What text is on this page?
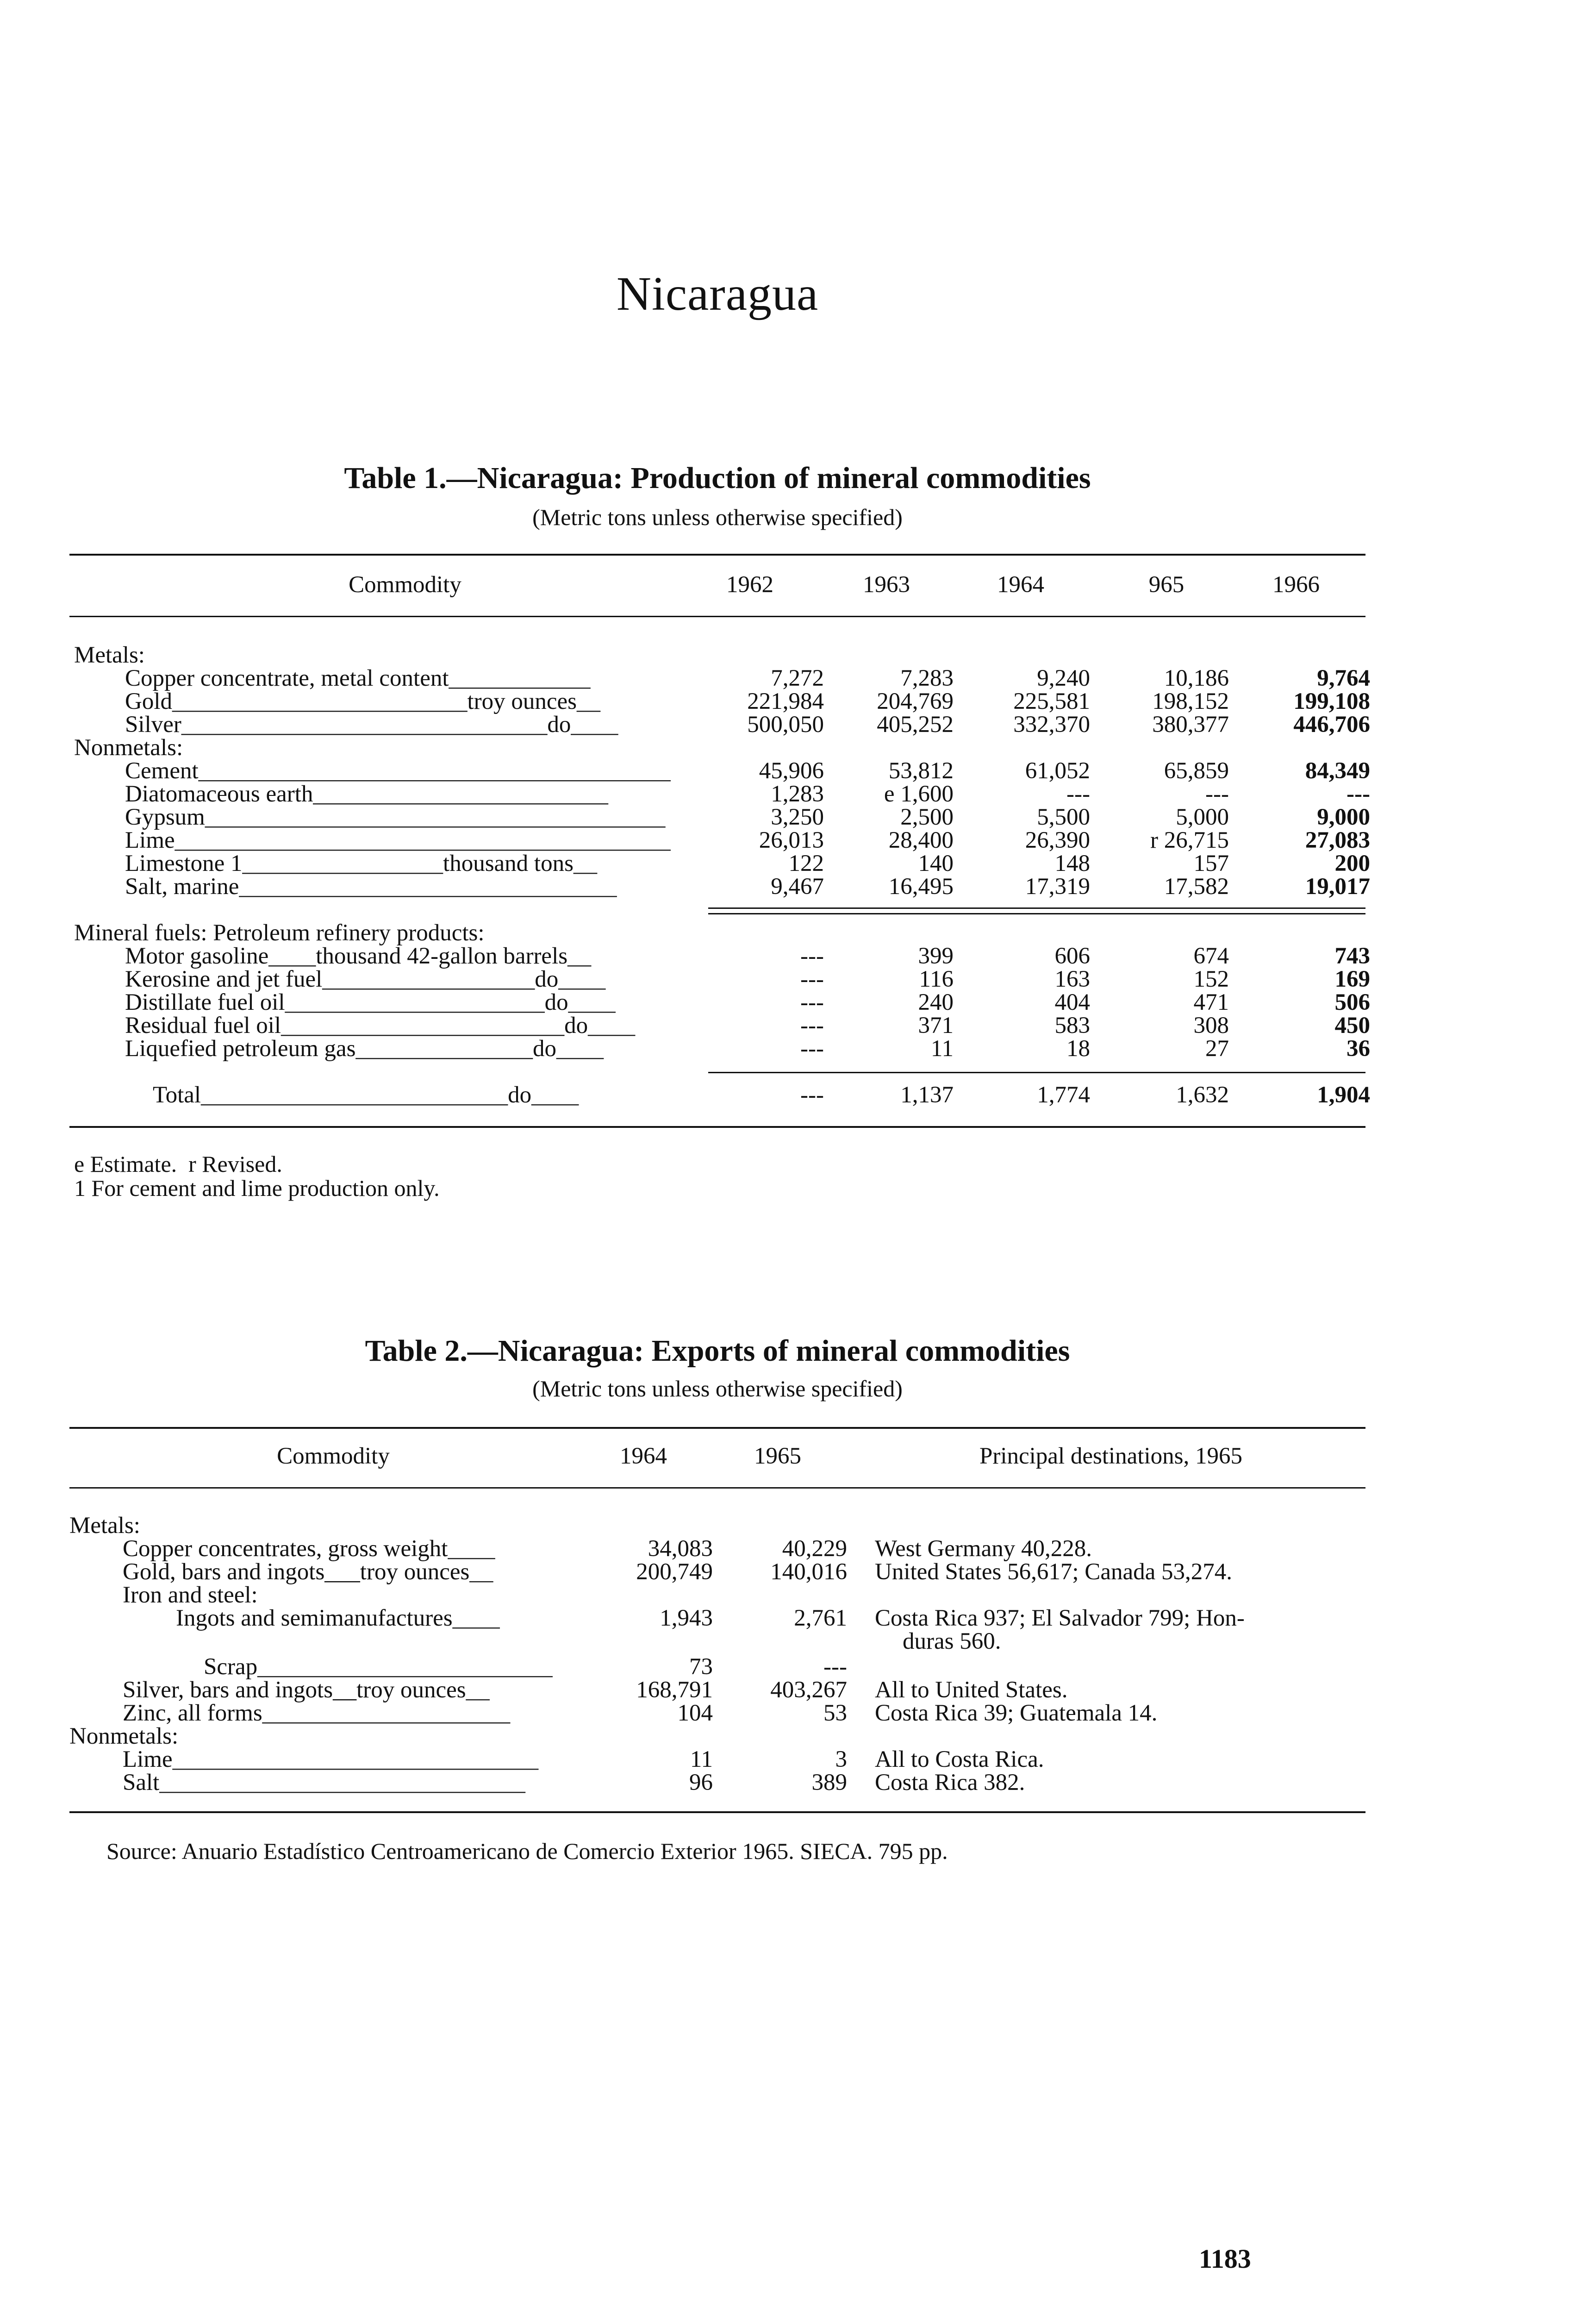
Nicaragua
Table 1.—Nicaragua: Production of mineral commodities
(Metric tons unless otherwise specified)
Commodity	1962	1963	1964	965	1966
Metals:
Copper concentrate, metal content____________	7,272	7,283	9,240	10,186	9,764
Gold_________________________troy ounces__	221,984	204,769	225,581	198,152	199,108
Silver_______________________________do____	500,050	405,252	332,370	380,377	446,706
Nonmetals:
Cement________________________________________	45,906	53,812	61,052	65,859	84,349
Diatomaceous earth_________________________	1,283	e 1,600	---	---	---
Gypsum_______________________________________	3,250	2,500	5,500	5,000	9,000
Lime__________________________________________	26,013	28,400	26,390	r 26,715	27,083
Limestone 1_________________thousand tons__	122	140	148	157	200
Salt, marine________________________________	9,467	16,495	17,319	17,582	19,017
Mineral fuels: Petroleum refinery products:
Motor gasoline____thousand 42-gallon barrels__	---	399	606	674	743
Kerosine and jet fuel__________________do____	---	116	163	152	169
Distillate fuel oil______________________do____	---	240	404	471	506
Residual fuel oil________________________do____	---	371	583	308	450
Liquefied petroleum gas_______________do____	---	11	18	27	36
Total__________________________do____	---	1,137	1,774	1,632	1,904
e Estimate.  r Revised.
1 For cement and lime production only.
Table 2.—Nicaragua: Exports of mineral commodities
(Metric tons unless otherwise specified)
Commodity	1964	1965	Principal destinations, 1965
Metals:
Copper concentrates, gross weight____	34,083	40,229 West Germany 40,228.
Gold, bars and ingots___troy ounces__	200,749	140,016 United States 56,617; Canada 53,274.
Iron and steel:
Ingots and semimanufactures____	1,943	2,761 Costa Rica 937; El Salvador 799; Hon-
duras 560.
Scrap_________________________	73	---
Silver, bars and ingots__troy ounces__	168,791	403,267 All to United States.
Zinc, all forms_____________________	104	53 Costa Rica 39; Guatemala 14.
Nonmetals:
Lime_______________________________	11	3 All to Costa Rica.
Salt_______________________________	96	389 Costa Rica 382.
Source: Anuario Estadístico Centroamericano de Comercio Exterior 1965. SIECA. 795 pp.
1183
